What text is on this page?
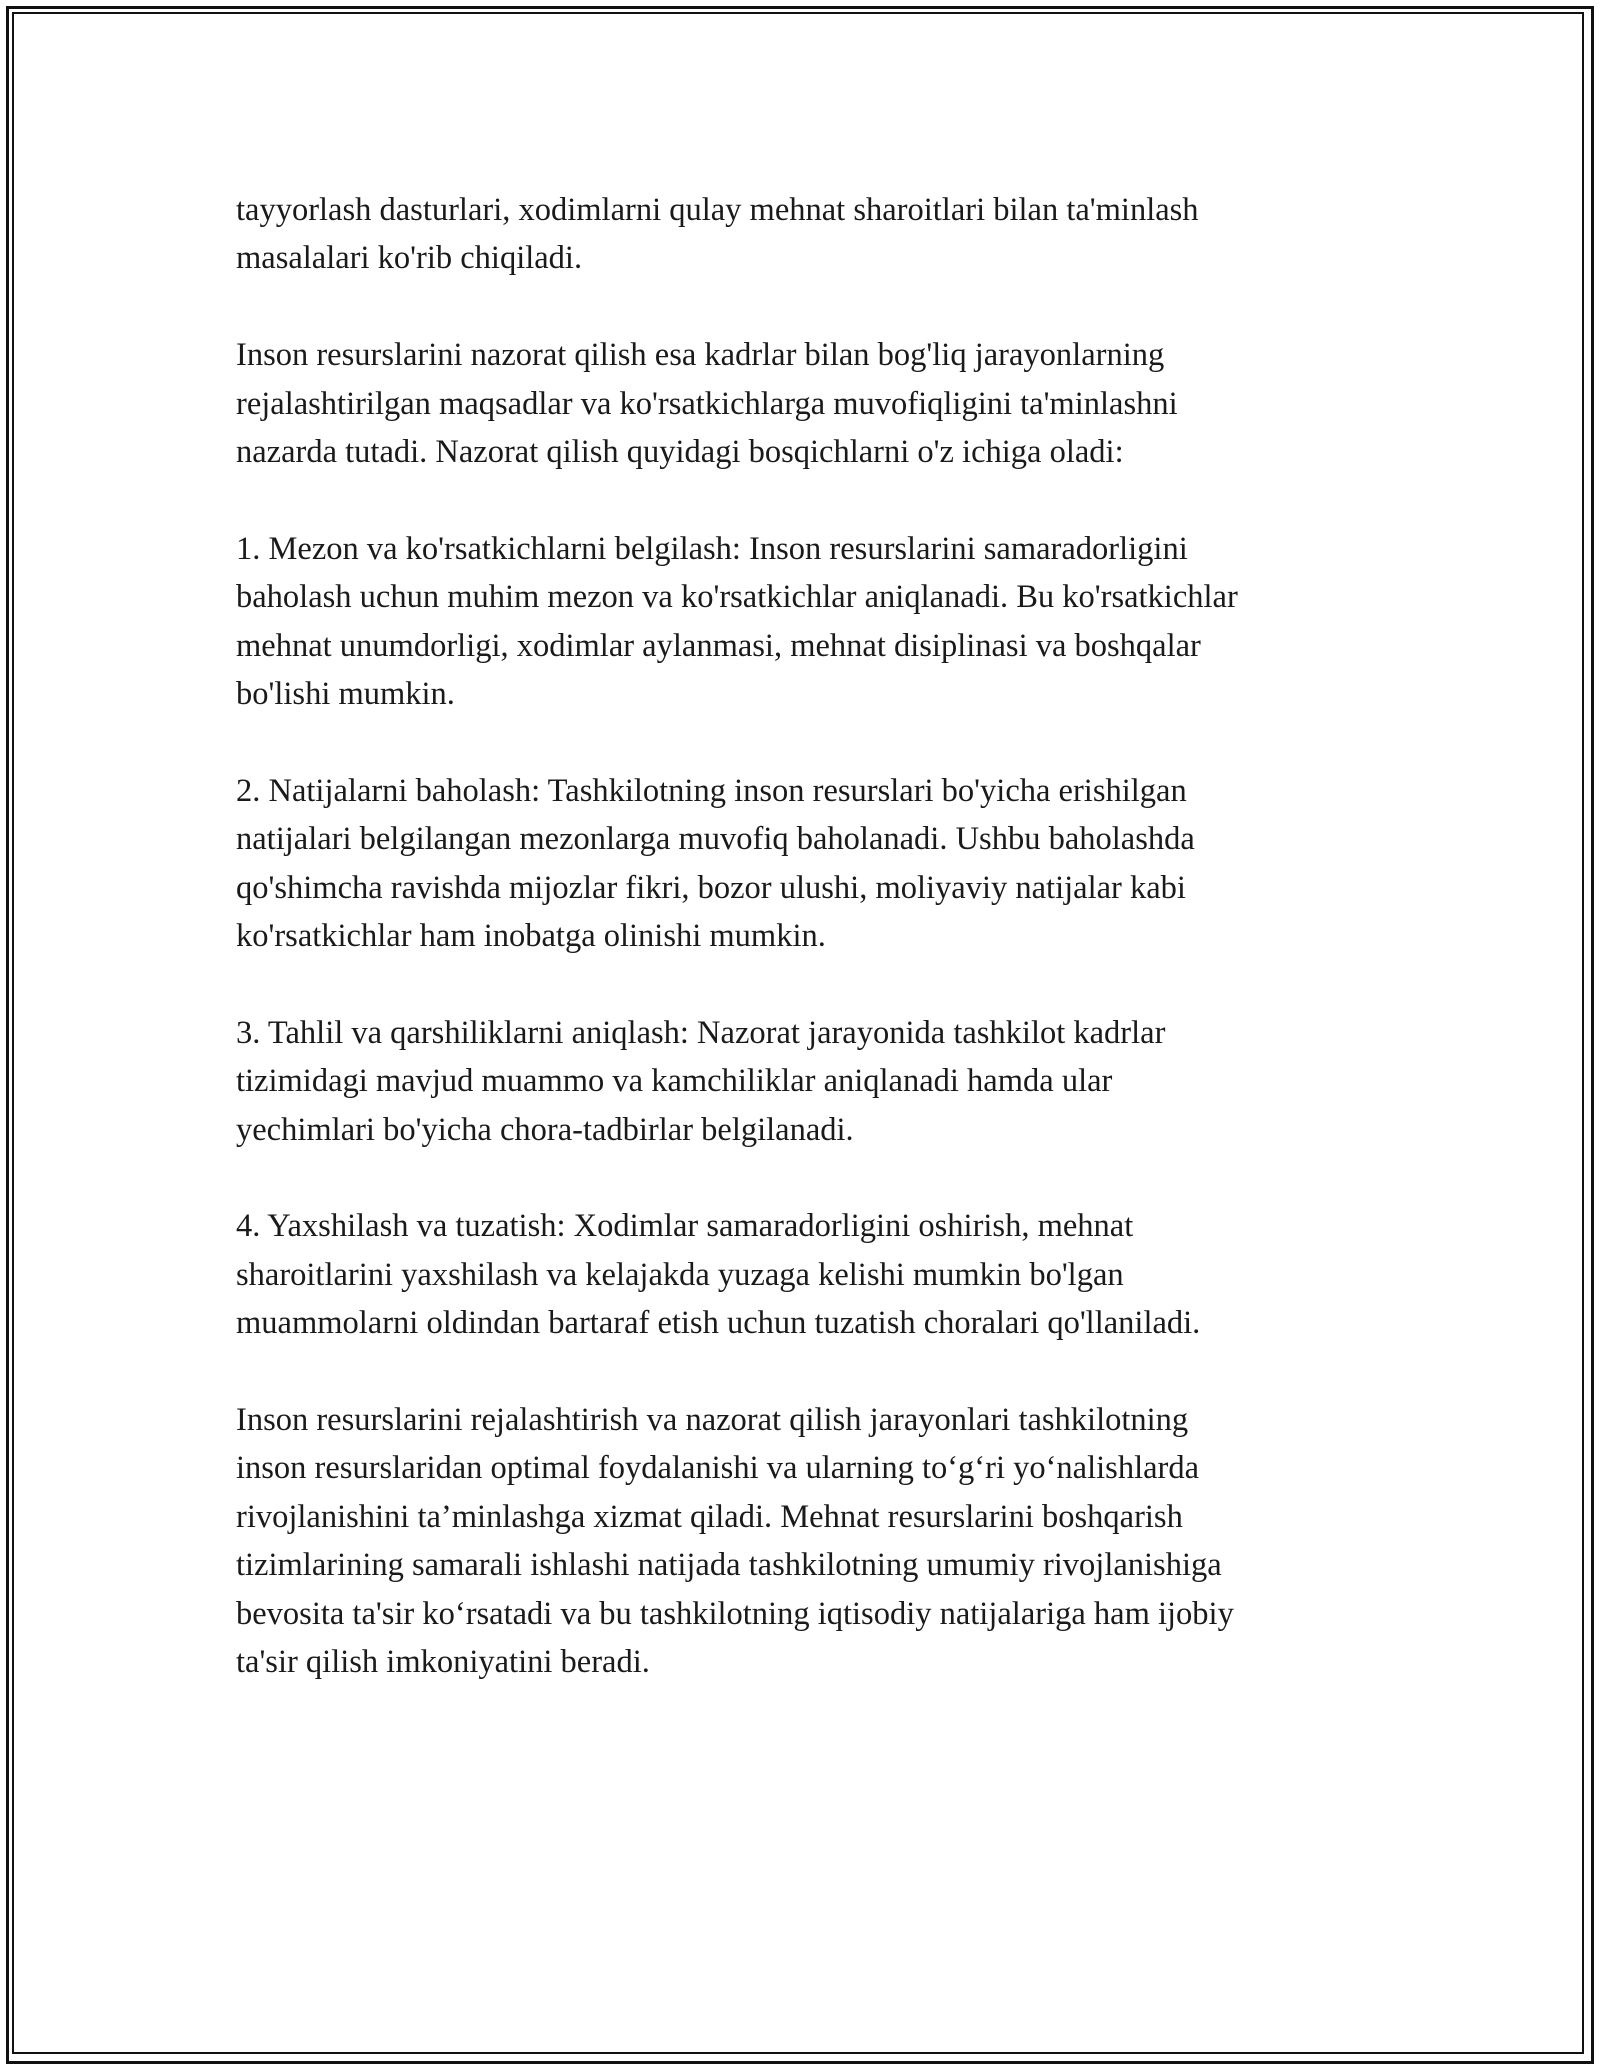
tayyorlash dasturlari, xodimlarni qulay mehnat sharoitlari bilan ta'minlash
masalalari ko'rib chiqiladi.

Inson resurslarini nazorat qilish esa kadrlar bilan bog'liq jarayonlarning
rejalashtirilgan maqsadlar va ko'rsatkichlarga muvofiqligini ta'minlashni
nazarda tutadi. Nazorat qilish quyidagi bosqichlarni o'z ichiga oladi:

1. Mezon va ko'rsatkichlarni belgilash: Inson resurslarini samaradorligini
baholash uchun muhim mezon va ko'rsatkichlar aniqlanadi. Bu ko'rsatkichlar
mehnat unumdorligi, xodimlar aylanmasi, mehnat disiplinasi va boshqalar
bo'lishi mumkin.

2. Natijalarni baholash: Tashkilotning inson resurslari bo'yicha erishilgan
natijalari belgilangan mezonlarga muvofiq baholanadi. Ushbu baholashda
qo'shimcha ravishda mijozlar fikri, bozor ulushi, moliyaviy natijalar kabi
ko'rsatkichlar ham inobatga olinishi mumkin.

3. Tahlil va qarshiliklarni aniqlash: Nazorat jarayonida tashkilot kadrlar
tizimidagi mavjud muammo va kamchiliklar aniqlanadi hamda ular
yechimlari bo'yicha chora-tadbirlar belgilanadi.

4. Yaxshilash va tuzatish: Xodimlar samaradorligini oshirish, mehnat
sharoitlarini yaxshilash va kelajakda yuzaga kelishi mumkin bo'lgan
muammolarni oldindan bartaraf etish uchun tuzatish choralari qo'llaniladi.

Inson resurslarini rejalashtirish va nazorat qilish jarayonlari tashkilotning
inson resurslaridan optimal foydalanishi va ularning to‘g‘ri yo‘nalishlarda
rivojlanishini ta’minlashga xizmat qiladi. Mehnat resurslarini boshqarish
tizimlarining samarali ishlashi natijada tashkilotning umumiy rivojlanishiga
bevosita ta'sir ko‘rsatadi va bu tashkilotning iqtisodiy natijalariga ham ijobiy
ta'sir qilish imkoniyatini beradi.
